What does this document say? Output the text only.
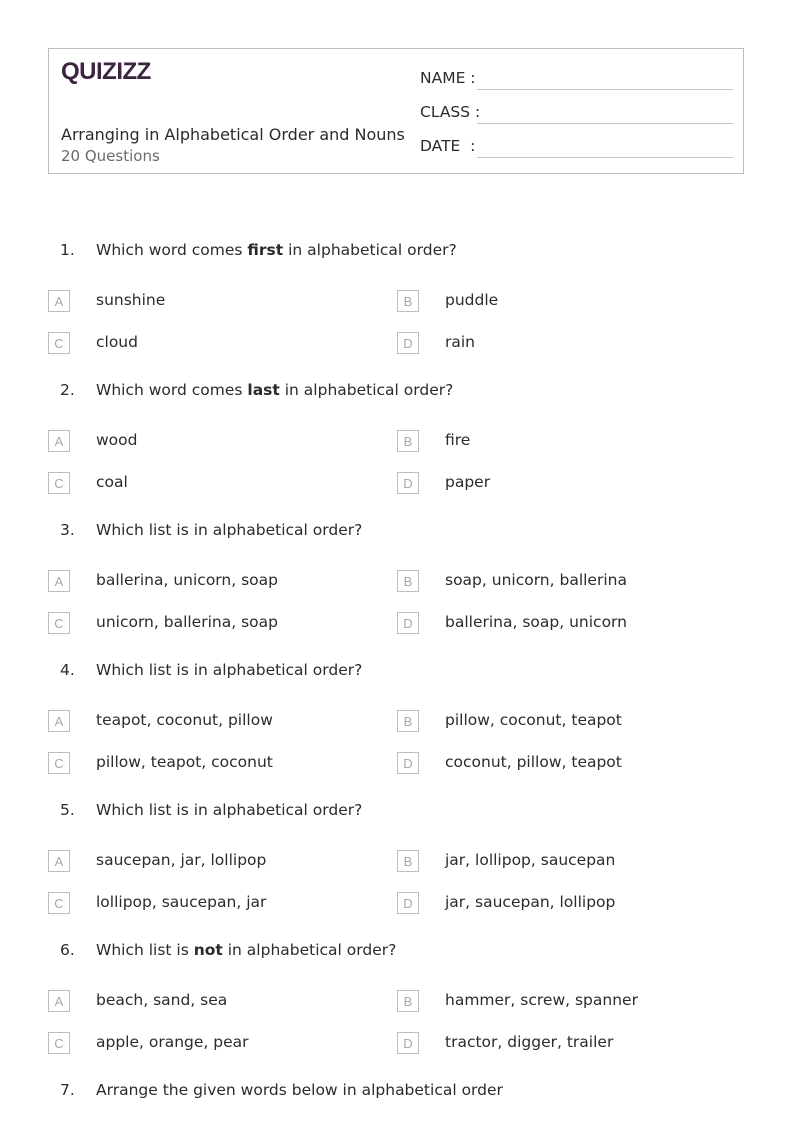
QUIZIZZ
Arranging in Alphabetical Order and Nouns
20 Questions
NAME :
CLASS :
DATE  :
1. Which word comes first in alphabetical order?
A	sunshine	B	puddle
C	cloud	D	rain
2. Which word comes last in alphabetical order?
A	wood	B	fire
C	coal	D	paper
3. Which list is in alphabetical order?
A	ballerina, unicorn, soap	B	soap, unicorn, ballerina
C	unicorn, ballerina, soap	D	ballerina, soap, unicorn
4. Which list is in alphabetical order?
A	teapot, coconut, pillow	B	pillow, coconut, teapot
C	pillow, teapot, coconut	D	coconut, pillow, teapot
5. Which list is in alphabetical order?
A	saucepan, jar, lollipop	B	jar, lollipop, saucepan
C	lollipop, saucepan, jar	D	jar, saucepan, lollipop
6. Which list is not in alphabetical order?
A	beach, sand, sea	B	hammer, screw, spanner
C	apple, orange, pear	D	tractor, digger, trailer
7. Arrange the given words below in alphabetical order
